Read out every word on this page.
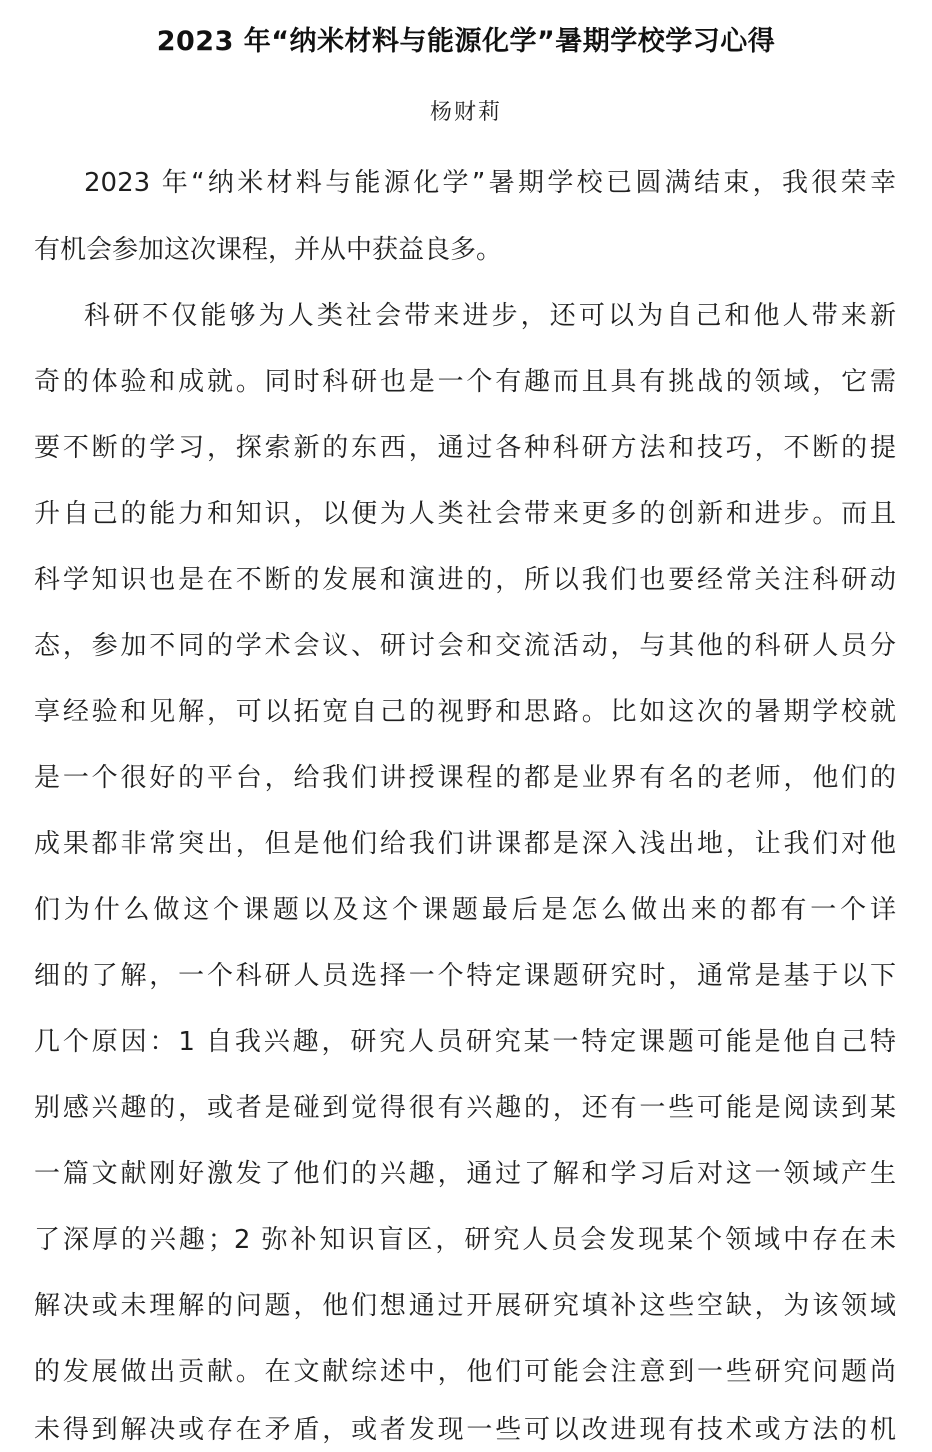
2023 年“纳米材料与能源化学”暑期学校学习心得

杨财莉

2023 年“纳米材料与能源化学”暑期学校已圆满结束，我很荣幸

有机会参加这次课程，并从中获益良多。

科研不仅能够为人类社会带来进步，还可以为自己和他人带来新

奇的体验和成就。同时科研也是一个有趣而且具有挑战的领域，它需

要不断的学习，探索新的东西，通过各种科研方法和技巧，不断的提

升自己的能力和知识，以便为人类社会带来更多的创新和进步。而且

科学知识也是在不断的发展和演进的，所以我们也要经常关注科研动

态，参加不同的学术会议、研讨会和交流活动，与其他的科研人员分

享经验和见解，可以拓宽自己的视野和思路。比如这次的暑期学校就

是一个很好的平台，给我们讲授课程的都是业界有名的老师，他们的

成果都非常突出，但是他们给我们讲课都是深入浅出地，让我们对他

们为什么做这个课题以及这个课题最后是怎么做出来的都有一个详

细的了解，一个科研人员选择一个特定课题研究时，通常是基于以下

几个原因：1 自我兴趣，研究人员研究某一特定课题可能是他自己特

别感兴趣的，或者是碰到觉得很有兴趣的，还有一些可能是阅读到某

一篇文献刚好激发了他们的兴趣，通过了解和学习后对这一领域产生

了深厚的兴趣；2 弥补知识盲区，研究人员会发现某个领域中存在未

解决或未理解的问题，他们想通过开展研究填补这些空缺，为该领域

的发展做出贡献。在文献综述中，他们可能会注意到一些研究问题尚

未得到解决或存在矛盾，或者发现一些可以改进现有技术或方法的机
